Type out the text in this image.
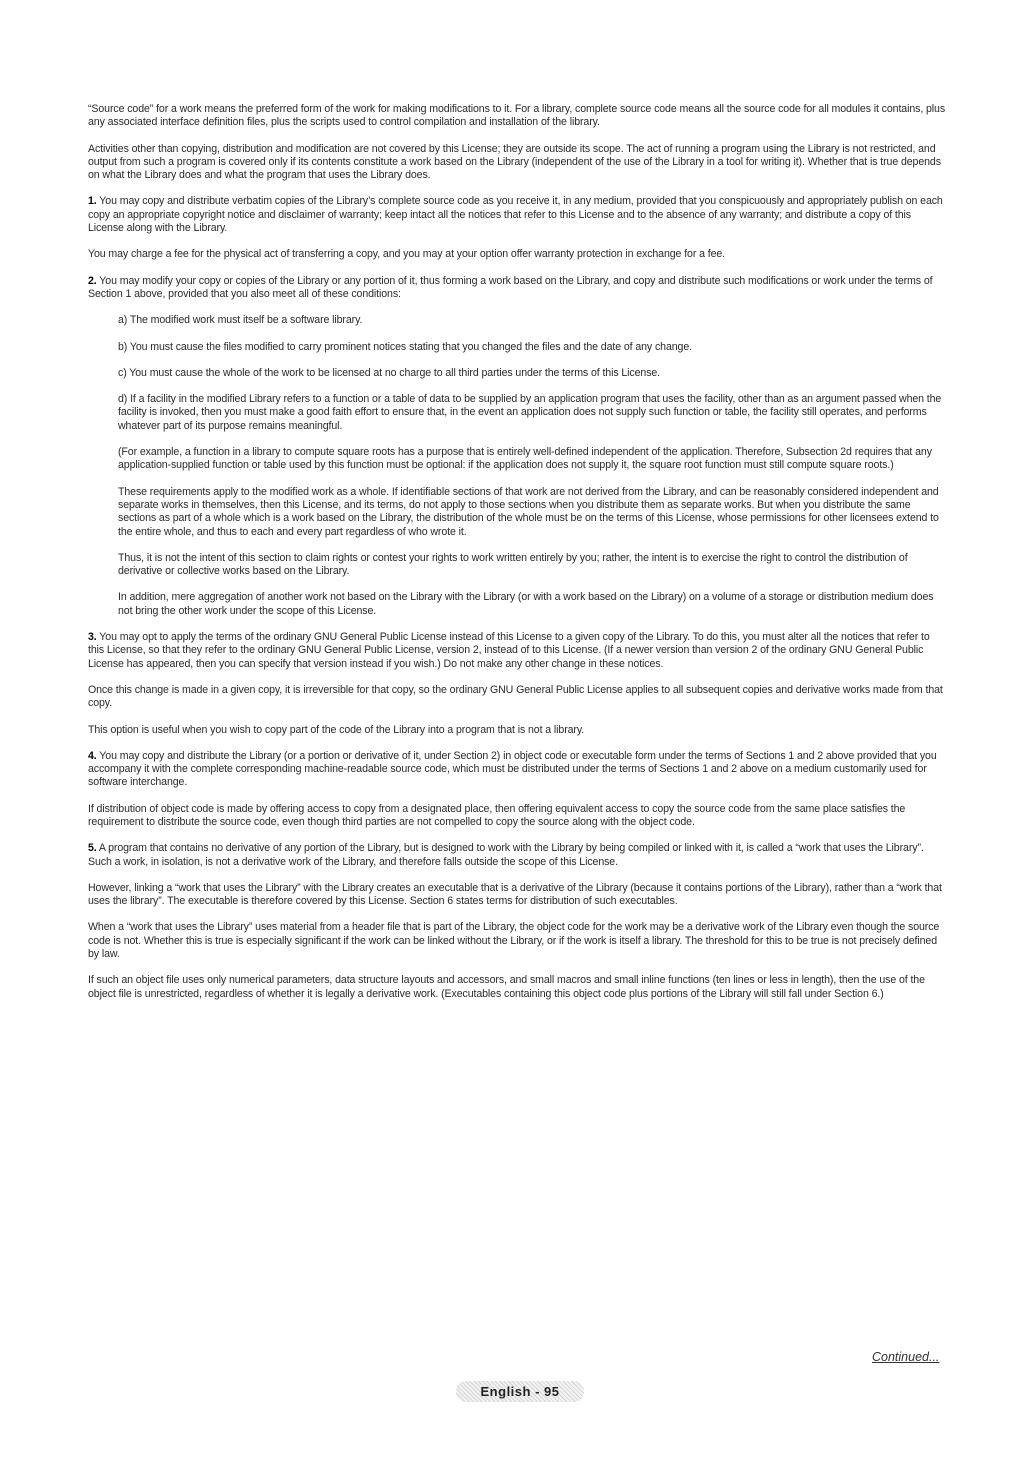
“Source code” for a work means the preferred form of the work for making modifications to it. For a library, complete source code means all the source code for all modules it contains, plus any associated interface definition files, plus the scripts used to control compilation and installation of the library.

Activities other than copying, distribution and modification are not covered by this License; they are outside its scope. The act of running a program using the Library is not restricted, and output from such a program is covered only if its contents constitute a work based on the Library (independent of the use of the Library in a tool for writing it). Whether that is true depends on what the Library does and what the program that uses the Library does.

1. You may copy and distribute verbatim copies of the Library’s complete source code as you receive it, in any medium, provided that you conspicuously and appropriately publish on each copy an appropriate copyright notice and disclaimer of warranty; keep intact all the notices that refer to this License and to the absence of any warranty; and distribute a copy of this License along with the Library.

You may charge a fee for the physical act of transferring a copy, and you may at your option offer warranty protection in exchange for a fee.

2. You may modify your copy or copies of the Library or any portion of it, thus forming a work based on the Library, and copy and distribute such modifications or work under the terms of Section 1 above, provided that you also meet all of these conditions:

a) The modified work must itself be a software library.

b) You must cause the files modified to carry prominent notices stating that you changed the files and the date of any change.

c) You must cause the whole of the work to be licensed at no charge to all third parties under the terms of this License.

d) If a facility in the modified Library refers to a function or a table of data to be supplied by an application program that uses the facility, other than as an argument passed when the facility is invoked, then you must make a good faith effort to ensure that, in the event an application does not supply such function or table, the facility still operates, and performs whatever part of its purpose remains meaningful.

(For example, a function in a library to compute square roots has a purpose that is entirely well-defined independent of the application. Therefore, Subsection 2d requires that any application-supplied function or table used by this function must be optional: if the application does not supply it, the square root function must still compute square roots.)

These requirements apply to the modified work as a whole. If identifiable sections of that work are not derived from the Library, and can be reasonably considered independent and separate works in themselves, then this License, and its terms, do not apply to those sections when you distribute them as separate works. But when you distribute the same sections as part of a whole which is a work based on the Library, the distribution of the whole must be on the terms of this License, whose permissions for other licensees extend to the entire whole, and thus to each and every part regardless of who wrote it.

Thus, it is not the intent of this section to claim rights or contest your rights to work written entirely by you; rather, the intent is to exercise the right to control the distribution of derivative or collective works based on the Library.

In addition, mere aggregation of another work not based on the Library with the Library (or with a work based on the Library) on a volume of a storage or distribution medium does not bring the other work under the scope of this License.

3. You may opt to apply the terms of the ordinary GNU General Public License instead of this License to a given copy of the Library. To do this, you must alter all the notices that refer to this License, so that they refer to the ordinary GNU General Public License, version 2, instead of to this License. (If a newer version than version 2 of the ordinary GNU General Public License has appeared, then you can specify that version instead if you wish.) Do not make any other change in these notices.

Once this change is made in a given copy, it is irreversible for that copy, so the ordinary GNU General Public License applies to all subsequent copies and derivative works made from that copy.

This option is useful when you wish to copy part of the code of the Library into a program that is not a library.

4. You may copy and distribute the Library (or a portion or derivative of it, under Section 2) in object code or executable form under the terms of Sections 1 and 2 above provided that you accompany it with the complete corresponding machine-readable source code, which must be distributed under the terms of Sections 1 and 2 above on a medium customarily used for software interchange.

If distribution of object code is made by offering access to copy from a designated place, then offering equivalent access to copy the source code from the same place satisfies the requirement to distribute the source code, even though third parties are not compelled to copy the source along with the object code.

5. A program that contains no derivative of any portion of the Library, but is designed to work with the Library by being compiled or linked with it, is called a “work that uses the Library”. Such a work, in isolation, is not a derivative work of the Library, and therefore falls outside the scope of this License.

However, linking a “work that uses the Library” with the Library creates an executable that is a derivative of the Library (because it contains portions of the Library), rather than a “work that uses the library”. The executable is therefore covered by this License. Section 6 states terms for distribution of such executables.

When a “work that uses the Library” uses material from a header file that is part of the Library, the object code for the work may be a derivative work of the Library even though the source code is not. Whether this is true is especially significant if the work can be linked without the Library, or if the work is itself a library. The threshold for this to be true is not precisely defined by law.

If such an object file uses only numerical parameters, data structure layouts and accessors, and small macros and small inline functions (ten lines or less in length), then the use of the object file is unrestricted, regardless of whether it is legally a derivative work. (Executables containing this object code plus portions of the Library will still fall under Section 6.)

Continued...
English - 95
